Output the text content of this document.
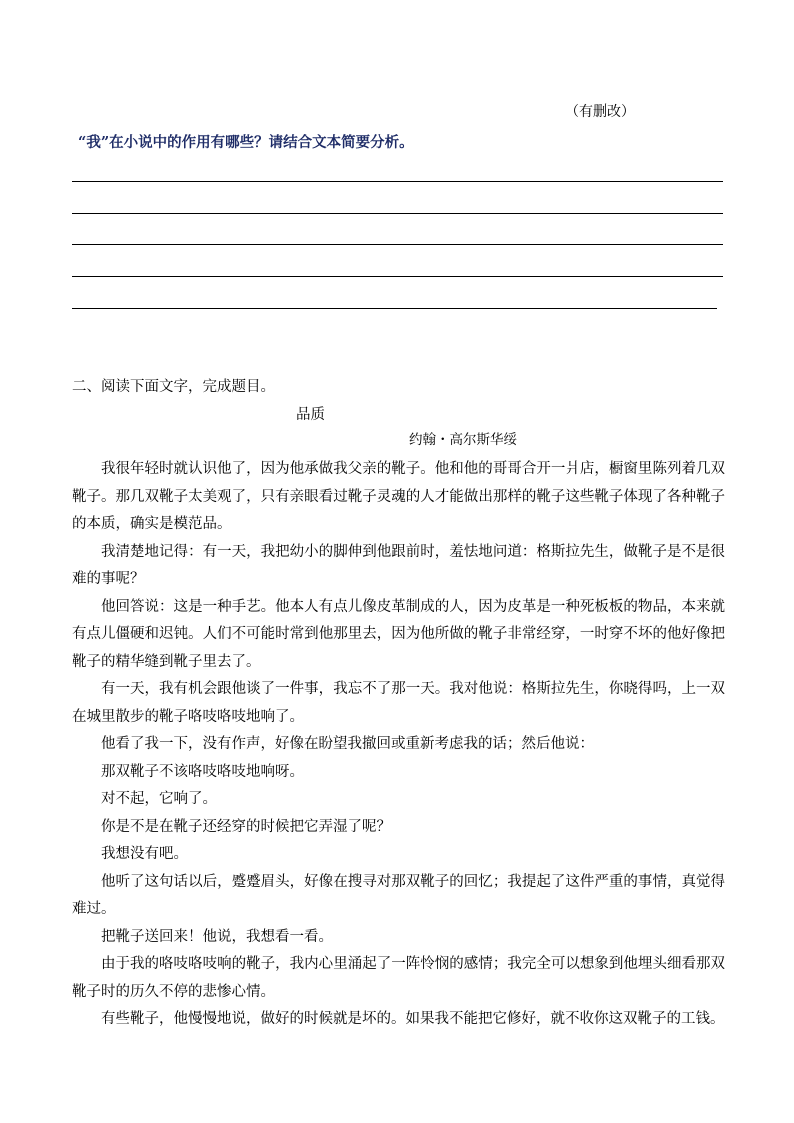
（有删改）
“我”在小说中的作用有哪些？请结合文本简要分析。
二、阅读下面文字，完成题目。
品质
约翰・高尔斯华绥

我很年轻时就认识他了，因为他承做我父亲的靴子。他和他的哥哥合开一爿店，橱窗里陈列着几双靴子。那几双靴子太美观了，只有亲眼看过靴子灵魂的人才能做出那样的靴子这些靴子体现了各种靴子的本质，确实是模范品。

我清楚地记得：有一天，我把幼小的脚伸到他跟前时，羞怯地问道：格斯拉先生，做靴子是不是很难的事呢？

他回答说：这是一种手艺。他本人有点儿像皮革制成的人，因为皮革是一种死板板的物品，本来就有点儿僵硬和迟钝。人们不可能时常到他那里去，因为他所做的靴子非常经穿，一时穿不坏的他好像把靴子的精华缝到靴子里去了。

有一天，我有机会跟他谈了一件事，我忘不了那一天。我对他说：格斯拉先生，你晓得吗，上一双在城里散步的靴子咯吱咯吱地响了。

他看了我一下，没有作声，好像在盼望我撤回或重新考虑我的话；然后他说：

那双靴子不该咯吱咯吱地响呀。

对不起，它响了。

你是不是在靴子还经穿的时候把它弄湿了呢？

我想没有吧。

他听了这句话以后，蹙蹙眉头，好像在搜寻对那双靴子的回忆；我提起了这件严重的事情，真觉得难过。

把靴子送回来！他说，我想看一看。

由于我的咯吱咯吱响的靴子，我内心里涌起了一阵怜悯的感情；我完全可以想象到他埋头细看那双靴子时的历久不停的悲惨心情。

有些靴子，他慢慢地说，做好的时候就是坏的。如果我不能把它修好，就不收你这双靴子的工钱。
